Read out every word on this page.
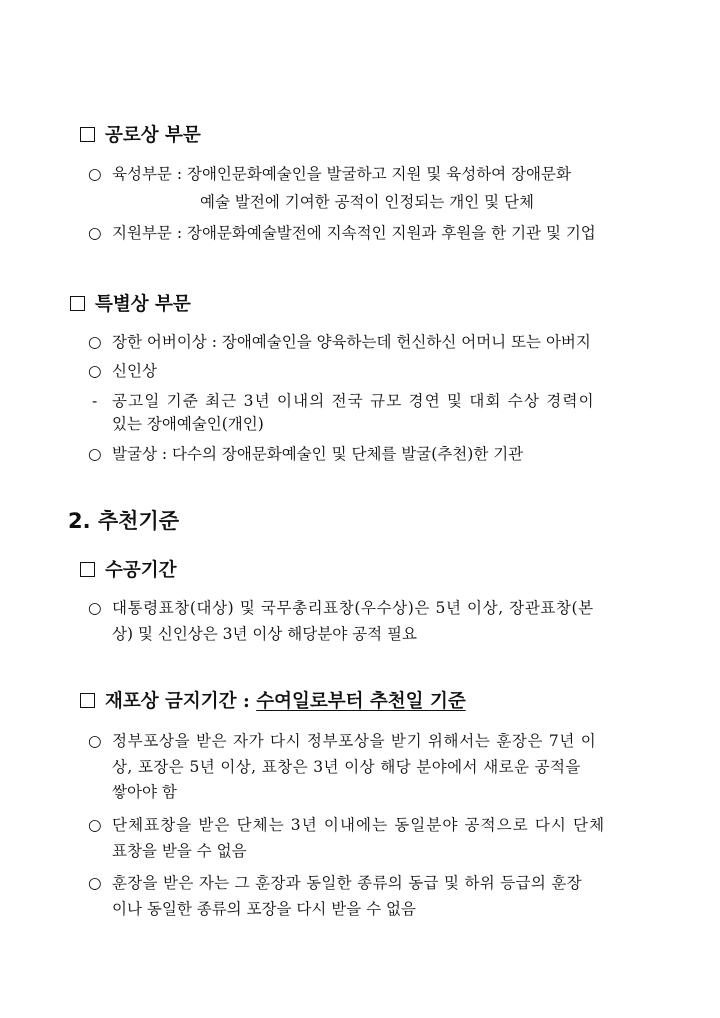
공로상 부문
○ 육성부문 : 장애인문화예술인을 발굴하고 지원 및 육성하여 장애문화
예술 발전에 기여한 공적이 인정되는 개인 및 단체
○ 지원부문 : 장애문화예술발전에 지속적인 지원과 후원을 한 기관 및 기업
특별상 부문
○ 장한 어버이상 : 장애예술인을 양육하는데 헌신하신 어머니 또는 아버지
○ 신인상
- 공고일 기준 최근 3년 이내의 전국 규모 경연 및 대회 수상 경력이
있는 장애예술인(개인)
○ 발굴상 : 다수의 장애문화예술인 및 단체를 발굴(추천)한 기관
2. 추천기준
수공기간
○ 대통령표창(대상) 및 국무총리표창(우수상)은 5년 이상, 장관표창(본
상) 및 신인상은 3년 이상 해당분야 공적 필요
재포상 금지기간 : 수여일로부터 추천일 기준
○ 정부포상을 받은 자가 다시 정부포상을 받기 위해서는 훈장은 7년 이
상, 포장은 5년 이상, 표창은 3년 이상 해당 분야에서 새로운 공적을
쌓아야 함
○ 단체표창을 받은 단체는 3년 이내에는 동일분야 공적으로 다시 단체
표창을 받을 수 없음
○ 훈장을 받은 자는 그 훈장과 동일한 종류의 동급 및 하위 등급의 훈장
이나 동일한 종류의 포장을 다시 받을 수 없음
